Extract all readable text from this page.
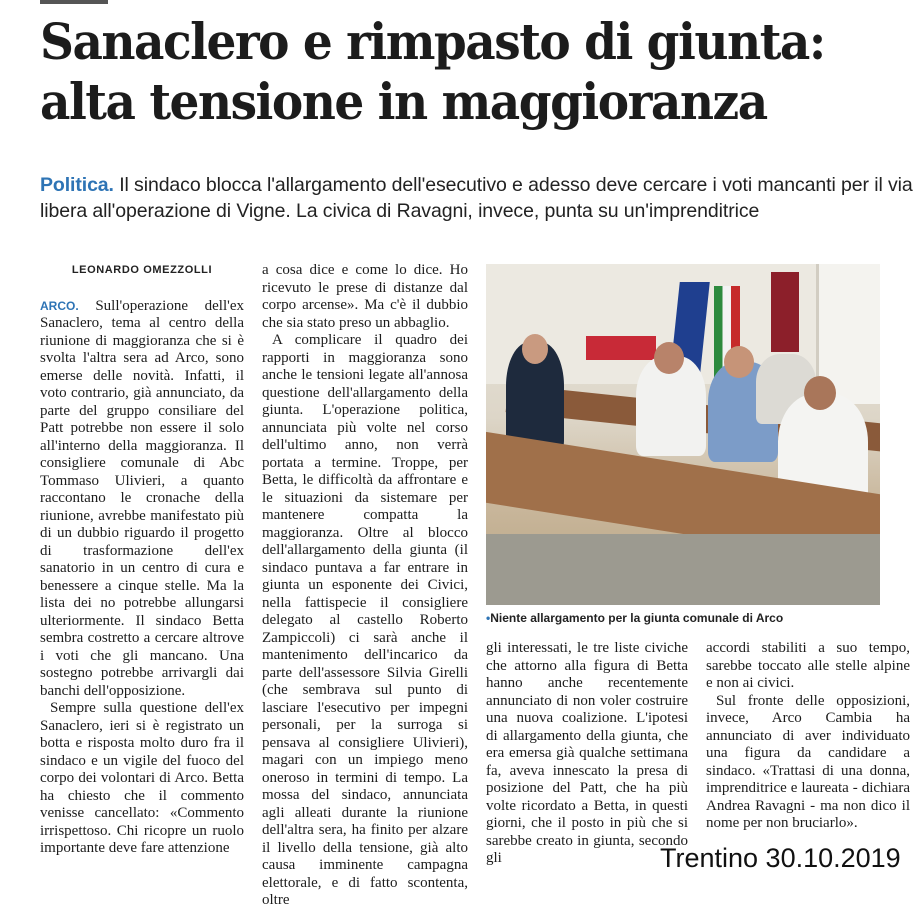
Sanaclero e rimpasto di giunta: alta tensione in maggioranza

Politica. Il sindaco blocca l'allargamento dell'esecutivo e adesso deve cercare i voti mancanti per il via libera all'operazione di Vigne. La civica di Ravagni, invece, punta su un'imprenditrice

LEONARDO OMEZZOLLI

ARCO. Sull'operazione dell'ex Sanaclero, tema al centro della riunione di maggioranza che si è svolta l'altra sera ad Arco, sono emerse delle novità. Infatti, il voto contrario, già annunciato, da parte del gruppo consiliare del Patt potrebbe non essere il solo all'interno della maggioranza. Il consigliere comunale di Abc Tommaso Ulivieri, a quanto raccontano le cronache della riunione, avrebbe manifestato più di un dubbio riguardo il progetto di trasformazione dell'ex sanatorio in un centro di cura e benessere a cinque stelle. Ma la lista dei no potrebbe allungarsi ulteriormente. Il sindaco Betta sembra costretto a cercare altrove i voti che gli mancano. Una sostegno potrebbe arrivargli dai banchi dell'opposizione.

Sempre sulla questione dell'ex Sanaclero, ieri si è registrato un botta e risposta molto duro fra il sindaco e un vigile del fuoco del corpo dei volontari di Arco. Betta ha chiesto che il commento venisse cancellato: «Commento irrispettoso. Chi ricopre un ruolo importante deve fare attenzione

a cosa dice e come lo dice. Ho ricevuto le prese di distanze dal corpo arcense». Ma c'è il dubbio che sia stato preso un abbaglio.

A complicare il quadro dei rapporti in maggioranza sono anche le tensioni legate all'annosa questione dell'allargamento della giunta. L'operazione politica, annunciata più volte nel corso dell'ultimo anno, non verrà portata a termine. Troppe, per Betta, le difficoltà da affrontare e le situazioni da sistemare per mantenere compatta la maggioranza. Oltre al blocco dell'allargamento della giunta (il sindaco puntava a far entrare in giunta un esponente dei Civici, nella fattispecie il consigliere delegato al castello Roberto Zampiccoli) ci sarà anche il mantenimento dell'incarico da parte dell'assessore Silvia Girelli (che sembrava sul punto di lasciare l'esecutivo per impegni personali, per la surroga si pensava al consigliere Ulivieri), magari con un impiego meno oneroso in termini di tempo. La mossa del sindaco, annunciata agli alleati durante la riunione dell'altra sera, ha finito per alzare il livello della tensione, già alto causa imminente campagna elettorale, e di fatto scontenta, oltre

•Niente allargamento per la giunta comunale di Arco

gli interessati, le tre liste civiche che attorno alla figura di Betta hanno anche recentemente annunciato di non voler costruire una nuova coalizione. L'ipotesi di allargamento della giunta, che era emersa già qualche settimana fa, aveva innescato la presa di posizione del Patt, che ha più volte ricordato a Betta, in questi giorni, che il posto in più che si sarebbe creato in giunta, secondo gli

accordi stabiliti a suo tempo, sarebbe toccato alle stelle alpine e non ai civici.

Sul fronte delle opposizioni, invece, Arco Cambia ha annunciato di aver individuato una figura da candidare a sindaco. «Trattasi di una donna, imprenditrice e laureata - dichiara Andrea Ravagni - ma non dico il nome per non bruciarlo».

Trentino 30.10.2019
